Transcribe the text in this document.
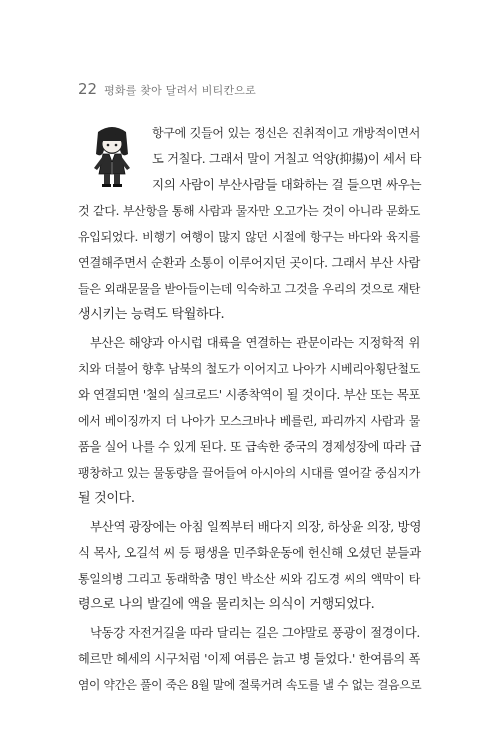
22 평화를 찾아 달려서 비티칸으로
항구에 깃들어 있는 정신은 진취적이고 개방적이면서
도 거칠다. 그래서 말이 거칠고 억양(抑揚)이 세서 타
지의 사람이 부산사람들 대화하는 걸 들으면 싸우는
것 같다. 부산항을 통해 사람과 물자만 오고가는 것이 아니라 문화도
유입되었다. 비행기 여행이 많지 않던 시절에 항구는 바다와 육지를
연결해주면서 순환과 소통이 이루어지던 곳이다. 그래서 부산 사람
들은 외래문물을 받아들이는데 익숙하고 그것을 우리의 것으로 재탄
생시키는 능력도 탁월하다.
부산은 해양과 아시럽 대륙을 연결하는 관문이라는 지정학적 위
치와 더불어 향후 남북의 철도가 이어지고 나아가 시베리아횡단철도
와 연결되면 '철의 실크로드' 시종착역이 될 것이다. 부산 또는 목포
에서 베이징까지 더 나아가 모스크바나 베를린, 파리까지 사람과 물
품을 실어 나를 수 있게 된다. 또 급속한 중국의 경제성장에 따라 급
팽창하고 있는 물동량을 끌어들여 아시아의 시대를 열어갈 중심지가
될 것이다.
부산역 광장에는 아침 일찍부터 배다지 의장, 하상윤 의장, 방영
식 목사, 오길석 씨 등 평생을 민주화운동에 헌신해 오셨던 분들과
통일의병 그리고 동래학춤 명인 박소산 씨와 김도경 씨의 액막이 타
령으로 나의 발길에 액을 물리치는 의식이 거행되었다.
낙동강 자전거길을 따라 달리는 길은 그야말로 풍광이 절경이다.
헤르만 헤세의 시구처럼 '이제 여름은 늙고 병 들었다.' 한여름의 폭
염이 약간은 풀이 죽은 8월 말에 절룩거려 속도를 낼 수 없는 걸음으로
